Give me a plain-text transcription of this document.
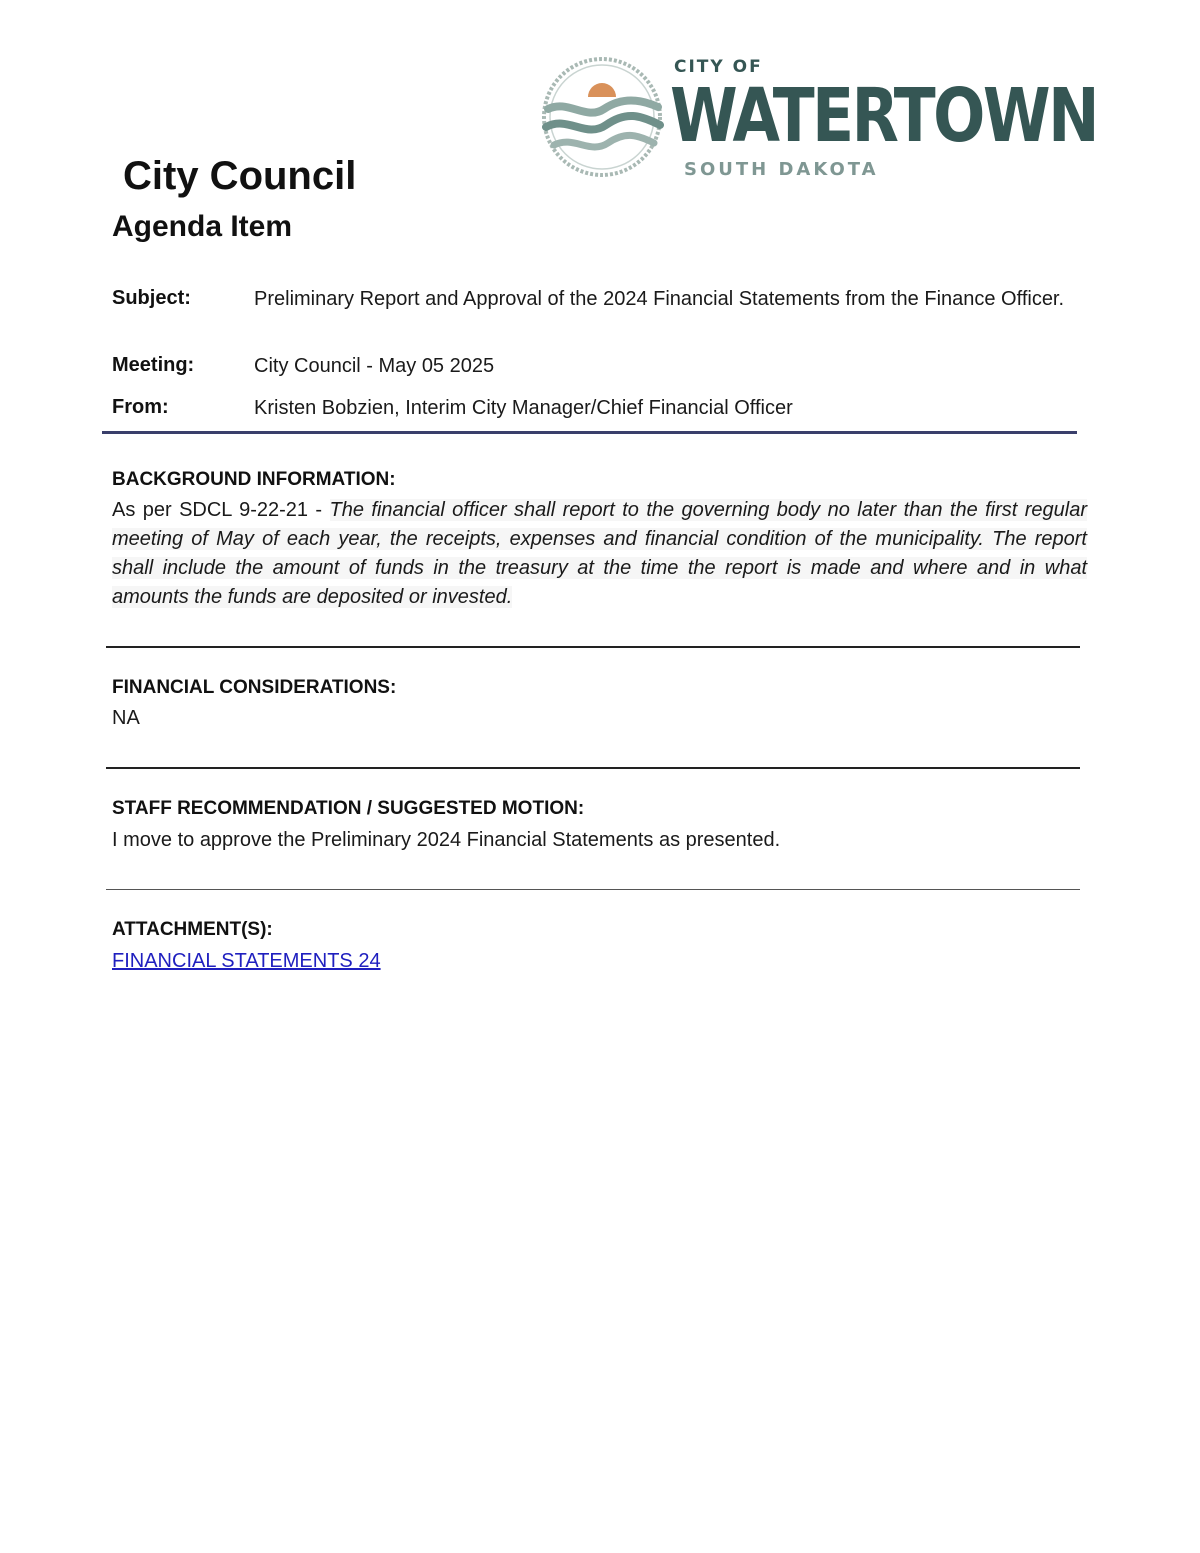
CITY OF
WATERTOWN
SOUTH DAKOTA
City Council
Agenda Item
Subject:	Preliminary Report and Approval of the 2024 Financial Statements from the Finance Officer.
Meeting:	City Council - May 05 2025
From:	Kristen Bobzien, Interim City Manager/Chief Financial Officer
BACKGROUND INFORMATION:
As per SDCL 9-22-21 - The financial officer shall report to the governing body no later than the first regular meeting of May of each year, the receipts, expenses and financial condition of the municipality. The report shall include the amount of funds in the treasury at the time the report is made and where and in what amounts the funds are deposited or invested.
FINANCIAL CONSIDERATIONS:
NA
STAFF RECOMMENDATION / SUGGESTED MOTION:
I move to approve the Preliminary 2024 Financial Statements as presented.
ATTACHMENT(S):
FINANCIAL STATEMENTS 24
